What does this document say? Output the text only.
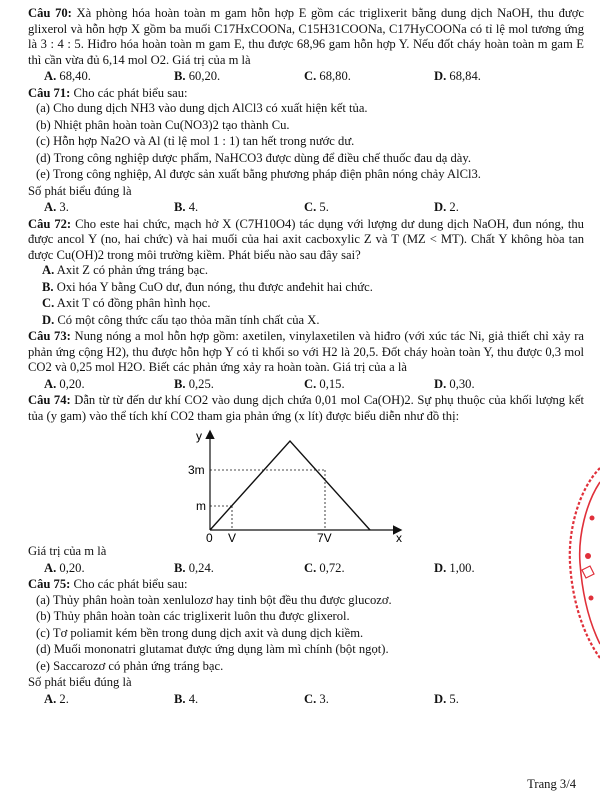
Câu 70: Xà phòng hóa hoàn toàn m gam hỗn hợp E gồm các triglixerit bằng dung dịch NaOH, thu được glixerol và hỗn hợp X gồm ba muối C17HxCOONa, C15H31COONa, C17HyCOONa có tỉ lệ mol tương ứng là 3 : 4 : 5. Hiđro hóa hoàn toàn m gam E, thu được 68,96 gam hỗn hợp Y. Nếu đốt cháy hoàn toàn m gam E thì cần vừa đủ 6,14 mol O2. Giá trị của m là

A. 68,40.	B. 60,20.	C. 68,80.	D. 68,84.

Câu 71: Cho các phát biểu sau:

(a) Cho dung dịch NH3 vào dung dịch AlCl3 có xuất hiện kết tủa.
(b) Nhiệt phân hoàn toàn Cu(NO3)2 tạo thành Cu.
(c) Hỗn hợp Na2O và Al (tỉ lệ mol 1 : 1) tan hết trong nước dư.
(d) Trong công nghiệp dược phẩm, NaHCO3 được dùng để điều chế thuốc đau dạ dày.
(e) Trong công nghiệp, Al được sản xuất bằng phương pháp điện phân nóng chảy AlCl3.

Số phát biểu đúng là

A. 3.	B. 4.	C. 5.	D. 2.

Câu 72: Cho este hai chức, mạch hở X (C7H10O4) tác dụng với lượng dư dung dịch NaOH, đun nóng, thu được ancol Y (no, hai chức) và hai muối của hai axit cacboxylic Z và T (MZ < MT). Chất Y không hòa tan được Cu(OH)2 trong môi trường kiềm. Phát biểu nào sau đây sai?

A. Axit Z có phản ứng tráng bạc.
B. Oxi hóa Y bằng CuO dư, đun nóng, thu được anđehit hai chức.
C. Axit T có đồng phân hình học.
D. Có một công thức cấu tạo thỏa mãn tính chất của X.

Câu 73: Nung nóng a mol hỗn hợp gồm: axetilen, vinylaxetilen và hiđro (với xúc tác Ni, giả thiết chỉ xảy ra phản ứng cộng H2), thu được hỗn hợp Y có tỉ khối so với H2 là 20,5. Đốt cháy hoàn toàn Y, thu được 0,3 mol CO2 và 0,25 mol H2O. Biết các phản ứng xảy ra hoàn toàn. Giá trị của a là

A. 0,20.	B. 0,25.	C. 0,15.	D. 0,30.

Câu 74: Dẫn từ từ đến dư khí CO2 vào dung dịch chứa 0,01 mol Ca(OH)2. Sự phụ thuộc của khối lượng kết tủa (y gam) vào thể tích khí CO2 tham gia phản ứng (x lít) được biểu diễn như đồ thị:

y
3m
m
0 V	7V	x

Giá trị của m là

A. 0,20.	B. 0,24.	C. 0,72.	D. 1,00.

Câu 75: Cho các phát biểu sau:

(a) Thủy phân hoàn toàn xenlulozơ hay tinh bột đều thu được glucozơ.
(b) Thủy phân hoàn toàn các triglixerit luôn thu được glixerol.
(c) Tơ poliamit kém bền trong dung dịch axit và dung dịch kiềm.
(d) Muối mononatri glutamat được ứng dụng làm mì chính (bột ngọt).
(e) Saccarozơ có phản ứng tráng bạc.

Số phát biểu đúng là

A. 2.	B. 4.	C. 3.	D. 5.
Trang 3/4
